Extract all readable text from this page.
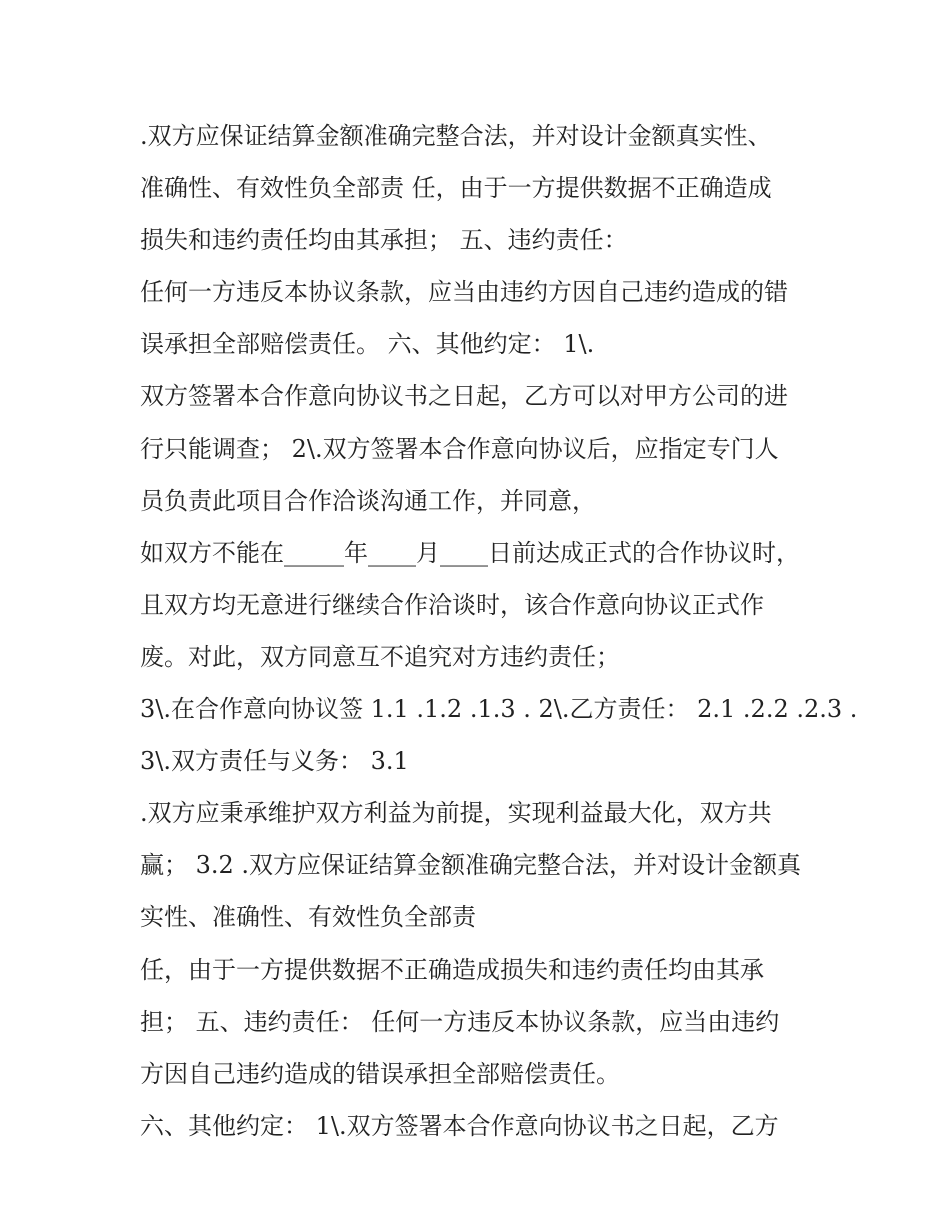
.双方应保证结算金额准确完整合法，并对设计金额真实性、
准确性、有效性负全部责 任，由于一方提供数据不正确造成
损失和违约责任均由其承担； 五、违约责任：
任何一方违反本协议条款，应当由违约方因自己违约造成的错
误承担全部赔偿责任。 六、其他约定： 1\.
双方签署本合作意向协议书之日起，乙方可以对甲方公司的进
行只能调查； 2\.双方签署本合作意向协议后，应指定专门人
员负责此项目合作洽谈沟通工作，并同意，
如双方不能在_____年____月____日前达成正式的合作协议时，
且双方均无意进行继续合作洽谈时，该合作意向协议正式作
废。对此，双方同意互不追究对方违约责任；
3\.在合作意向协议签 1.1 .1.2 .1.3 . 2\.乙方责任： 2.1 .2.2 .2.3 .
3\.双方责任与义务： 3.1
.双方应秉承维护双方利益为前提，实现利益最大化，双方共
赢； 3.2 .双方应保证结算金额准确完整合法，并对设计金额真
实性、准确性、有效性负全部责
任，由于一方提供数据不正确造成损失和违约责任均由其承
担； 五、违约责任： 任何一方违反本协议条款，应当由违约
方因自己违约造成的错误承担全部赔偿责任。
六、其他约定： 1\.双方签署本合作意向协议书之日起，乙方
